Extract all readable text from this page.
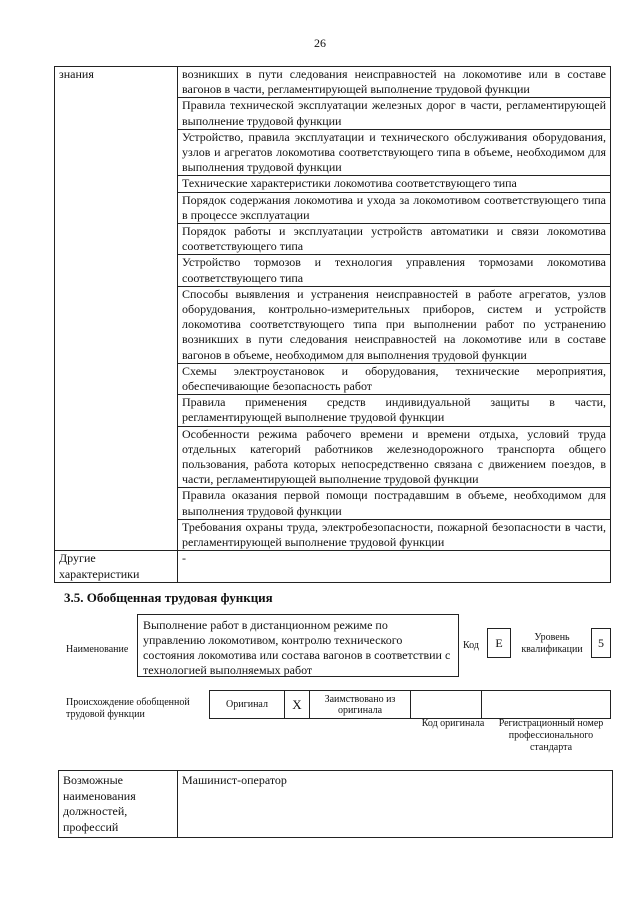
26
знания	возникших в пути следования неисправностей на локомотиве или в составе вагонов в части, регламентирующей выполнение трудовой функции
	Правила технической эксплуатации железных дорог в части, регламентирующей выполнение трудовой функции
	Устройство, правила эксплуатации и технического обслуживания оборудования, узлов и агрегатов локомотива соответствующего типа в объеме, необходимом для выполнения трудовой функции
	Технические характеристики локомотива соответствующего типа
	Порядок содержания локомотива и ухода за локомотивом соответствующего типа в процессе эксплуатации
	Порядок работы и эксплуатации устройств автоматики и связи локомотива соответствующего типа
	Устройство тормозов и технология управления тормозами локомотива соответствующего типа
	Способы выявления и устранения неисправностей в работе агрегатов, узлов оборудования, контрольно-измерительных приборов, систем и устройств локомотива соответствующего типа при выполнении работ по устранению возникших в пути следования неисправностей на локомотиве или в составе вагонов в объеме, необходимом для выполнения трудовой функции
	Схемы электроустановок и оборудования, технические мероприятия, обеспечивающие безопасность работ
	Правила применения средств индивидуальной защиты в части, регламентирующей выполнение трудовой функции
	Особенности режима рабочего времени и времени отдыха, условий труда отдельных категорий работников железнодорожного транспорта общего пользования, работа которых непосредственно связана с движением поездов, в части, регламентирующей выполнение трудовой функции
	Правила оказания первой помощи пострадавшим в объеме, необходимом для выполнения трудовой функции
	Требования охраны труда, электробезопасности, пожарной безопасности в части, регламентирующей выполнение трудовой функции
Другие характеристики	-
3.5. Обобщенная трудовая функция
Наименование
Выполнение работ в дистанционном режиме по управлению локомотивом, контролю технического состояния локомотива или состава вагонов в соответствии с технологией выполняемых работ
Код	E	Уровень квалификации	5
Происхождение обобщенной трудовой функции
Оригинал	X	Заимствовано из оригинала		
Код оригинала	Регистрационный номер профессионального стандарта
Возможные наименования должностей, профессий	Машинист-оператор
